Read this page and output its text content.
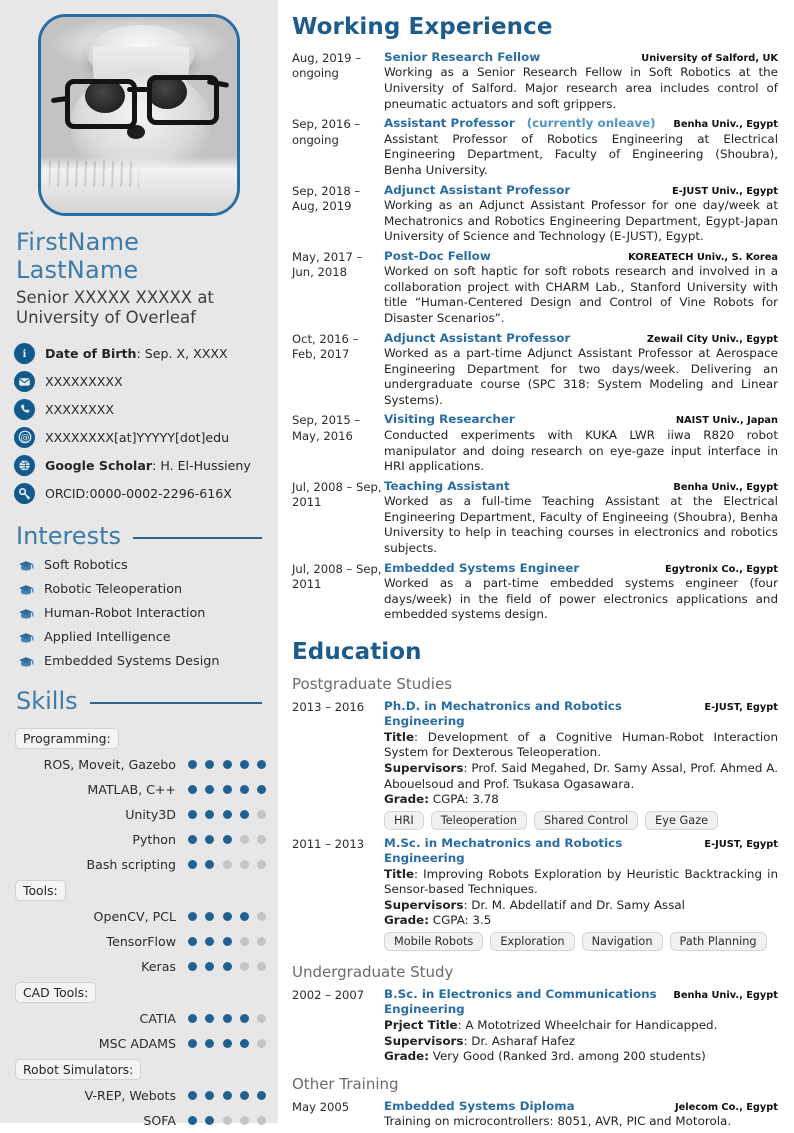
FirstName LastName
Senior XXXXX XXXXX at University of Overleaf
i Date of Birth: Sep. X, XXXX
XXXXXXXXX
XXXXXXXX
@ XXXXXXXX[at]YYYYY[dot]edu
Google Scholar: H. El-Hussieny
ORCID:0000-0002-2296-616X
Interests
Soft Robotics
Robotic Teleoperation
Human-Robot Interaction
Applied Intelligence
Embedded Systems Design
Skills
Programming:
ROS, Moveit, Gazebo
MATLAB, C++
Unity3D
Python
Bash scripting
Tools:
OpenCV, PCL
TensorFlow
Keras
CAD Tools:
CATIA
MSC ADAMS
Robot Simulators:
V-REP, Webots
SOFA
Working Experience
Aug, 2019 – ongoing
Senior Research Fellow	University of Salford, UK
Working as a Senior Research Fellow in Soft Robotics at the University of Salford. Major research area includes control of pneumatic actuators and soft grippers.
Sep, 2016 – ongoing
Assistant Professor (currently onleave) Benha Univ., Egypt
Assistant Professor of Robotics Engineering at Electrical Engineering Department, Faculty of Engineering (Shoubra), Benha University.
Sep, 2018 – Aug, 2019
Adjunct Assistant Professor	E-JUST Univ., Egypt
Working as an Adjunct Assistant Professor for one day/week at Mechatronics and Robotics Engineering Department, Egypt-Japan University of Science and Technology (E-JUST), Egypt.
May, 2017 – Jun, 2018
Post-Doc Fellow	KOREATECH Univ., S. Korea
Worked on soft haptic for soft robots research and involved in a collaboration project with CHARM Lab., Stanford University with title “Human-Centered Design and Control of Vine Robots for Disaster Scenarios”.
Oct, 2016 – Feb, 2017
Adjunct Assistant Professor	Zewail City Univ., Egypt
Worked as a part-time Adjunct Assistant Professor at Aerospace Engineering Department for two days/week. Delivering an undergraduate course (SPC 318: System Modeling and Linear Systems).
Sep, 2015 – May, 2016
Visiting Researcher	NAIST Univ., Japan
Conducted experiments with KUKA LWR iiwa R820 robot manipulator and doing research on eye-gaze input interface in HRI applications.
Jul, 2008 – Sep, 2011
Teaching Assistant	Benha Univ., Egypt
Worked as a full-time Teaching Assistant at the Electrical Engineering Department, Faculty of Engineeing (Shoubra), Benha University to help in teaching courses in electronics and robotics subjects.
Jul, 2008 – Sep, 2011
Embedded Systems Engineer	Egytronix Co., Egypt
Worked as a part-time embedded systems engineer (four days/week) in the field of power electronics applications and embedded systems design.
Education
Postgraduate Studies
2013 – 2016	Ph.D. in Mechatronics and Robotics Engineering
E-JUST, Egypt
Title: Development of a Cognitive Human-Robot Interaction System for Dexterous Teleoperation.
Supervisors: Prof. Said Megahed, Dr. Samy Assal, Prof. Ahmed A. Abouelsoud and Prof. Tsukasa Ogasawara.
Grade: CGPA: 3.78
HRI	Teleoperation	Shared Control	Eye Gaze
2011 – 2013	M.Sc. in Mechatronics and Robotics Engineering
E-JUST, Egypt
Title: Improving Robots Exploration by Heuristic Backtracking in Sensor-based Techniques.
Supervisors: Dr. M. Abdellatif and Dr. Samy Assal
Grade: CGPA: 3.5
Mobile Robots	Exploration	Navigation	Path Planning
Undergraduate Study
2002 – 2007	B.Sc. in Electronics and Communications Engineering
Benha Univ., Egypt
Prject Title: A Mototrized Wheelchair for Handicapped.
Supervisors: Dr. Asharaf Hafez
Grade: Very Good (Ranked 3rd. among 200 students)
Other Training
May 2005	Embedded Systems Diploma	Jelecom Co., Egypt
Training on microcontrollers: 8051, AVR, PIC and Motorola.
